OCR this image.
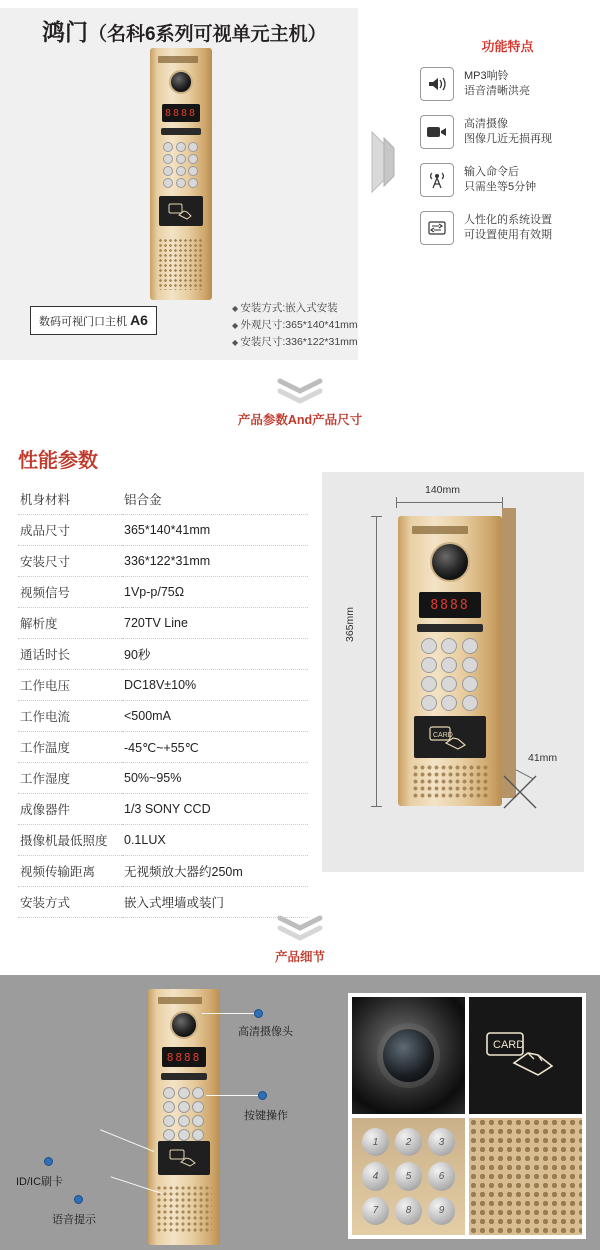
鸿门（名科6系列可视单元主机）
8888
数码可视门口主机 A6
◆ 安装方式:嵌入式安装
◆ 外观尺寸:365*140*41mm
◆ 安装尺寸:336*122*31mm
功能特点
MP3响铃
语音清晰洪亮
高清摄像
图像几近无损再现
输入命令后
只需坐等5分钟
人性化的系统设置
可设置使用有效期
产品参数And产品尺寸
性能参数
机身材料	铝合金
成品尺寸	365*140*41mm
安装尺寸	336*122*31mm
视频信号	1Vp-p/75Ω
解析度	720TV Line
通话时长	90秒
工作电压	DC18V±10%
工作电流	<500mA
工作温度	-45℃~+55℃
工作湿度	50%~95%
成像器件	1/3 SONY CCD
摄像机最低照度	0.1LUX
视频传输距离	无视频放大器约250m
安装方式	嵌入式埋墙或装门
140mm
365mm
41mm
8888
CARD
产品细节
8888
高清摄像头
按键操作
ID/IC刷卡
语音提示
CARD
1	2	3
4	5	6
7	8	9
